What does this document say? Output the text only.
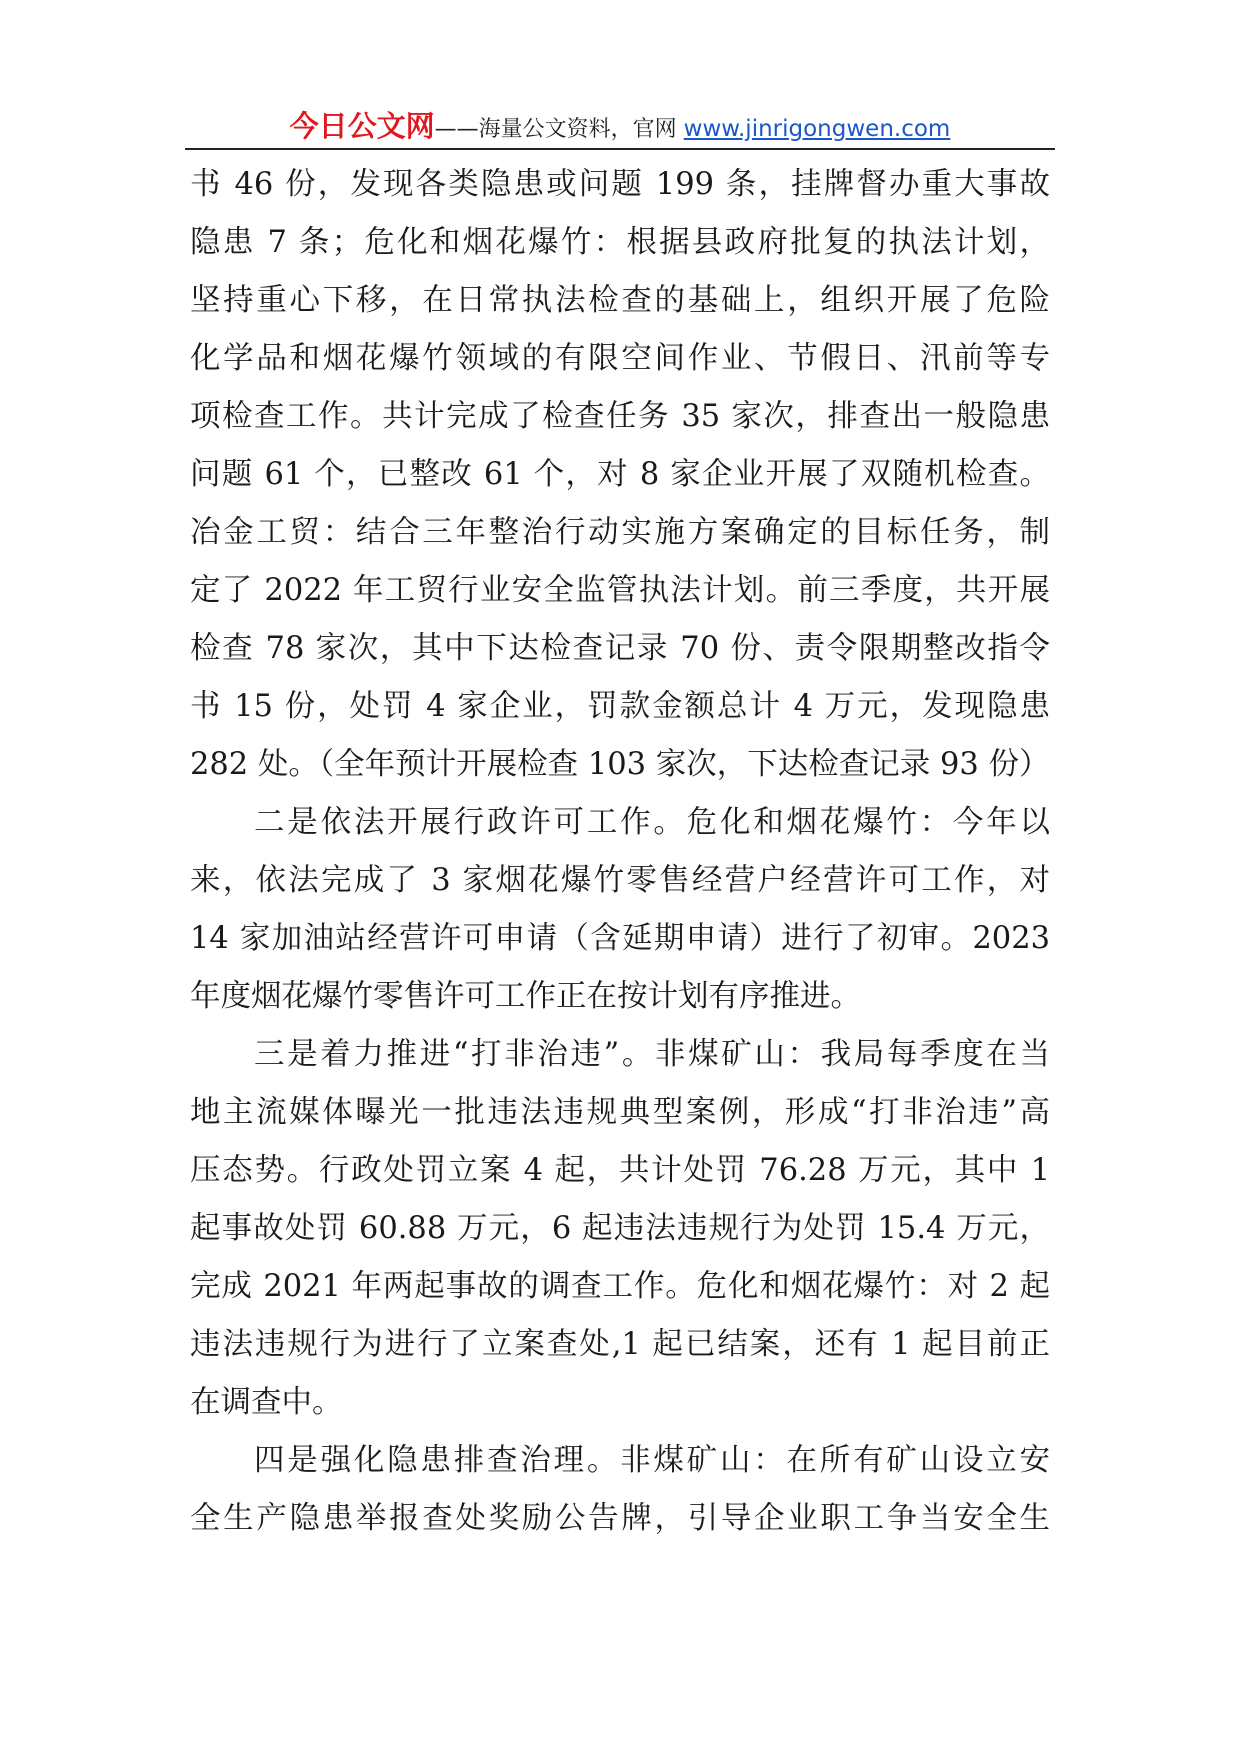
今日公文网——海量公文资料，官网 www.jinrigongwen.com
书 46 份，发现各类隐患或问题 199 条，挂牌督办重大事故
隐患 7 条；危化和烟花爆竹：根据县政府批复的执法计划，
坚持重心下移，在日常执法检查的基础上，组织开展了危险
化学品和烟花爆竹领域的有限空间作业、节假日、汛前等专
项检查工作。共计完成了检查任务 35 家次，排查出一般隐患
问题 61 个，已整改 61 个，对 8 家企业开展了双随机检查。
冶金工贸：结合三年整治行动实施方案确定的目标任务，制
定了 2022 年工贸行业安全监管执法计划。前三季度，共开展
检查 78 家次，其中下达检查记录 70 份、责令限期整改指令
书 15 份，处罚 4 家企业，罚款金额总计 4 万元，发现隐患
282 处。（全年预计开展检查 103 家次，下达检查记录 93 份）
二是依法开展行政许可工作。危化和烟花爆竹：今年以
来，依法完成了 3 家烟花爆竹零售经营户经营许可工作，对
14 家加油站经营许可申请（含延期申请）进行了初审。2023
年度烟花爆竹零售许可工作正在按计划有序推进。
三是着力推进“打非治违”。非煤矿山：我局每季度在当
地主流媒体曝光一批违法违规典型案例，形成“打非治违”高
压态势。行政处罚立案 4 起，共计处罚 76.28 万元，其中 1
起事故处罚 60.88 万元，6 起违法违规行为处罚 15.4 万元，
完成 2021 年两起事故的调查工作。危化和烟花爆竹：对 2 起
违法违规行为进行了立案查处,1 起已结案，还有 1 起目前正
在调查中。
四是强化隐患排查治理。非煤矿山：在所有矿山设立安
全生产隐患举报查处奖励公告牌，引导企业职工争当安全生
